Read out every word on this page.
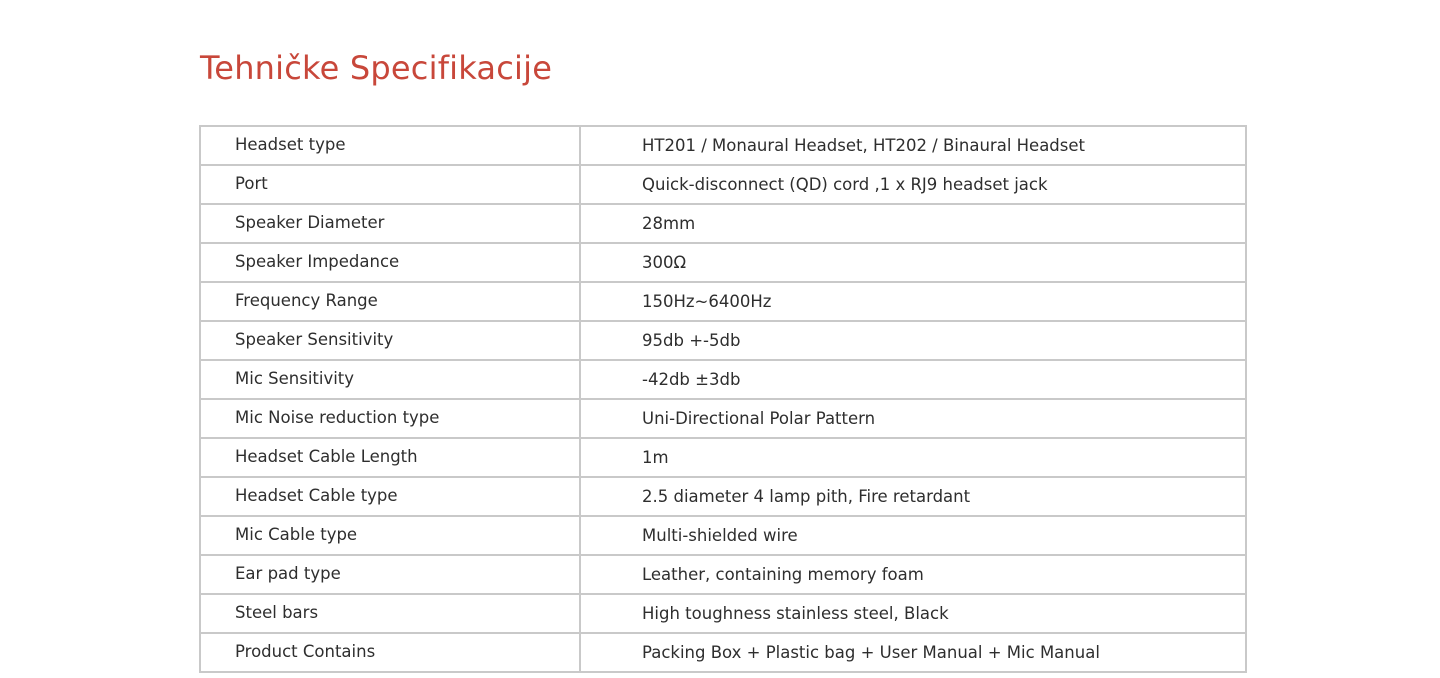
Tehničke Specifikacije
Headset type	HT201 / Monaural Headset, HT202 / Binaural Headset
Port	Quick-disconnect (QD) cord ,1 x RJ9 headset jack
Speaker Diameter	28mm
Speaker Impedance	300Ω
Frequency Range	150Hz~6400Hz
Speaker Sensitivity	95db +-5db
Mic Sensitivity	-42db ±3db
Mic Noise reduction type	Uni-Directional Polar Pattern
Headset Cable Length	1m
Headset Cable type	2.5 diameter 4 lamp pith, Fire retardant
Mic Cable type	Multi-shielded wire
Ear pad type	Leather, containing memory foam
Steel bars	High toughness stainless steel, Black
Product Contains	Packing Box + Plastic bag + User Manual + Mic Manual
